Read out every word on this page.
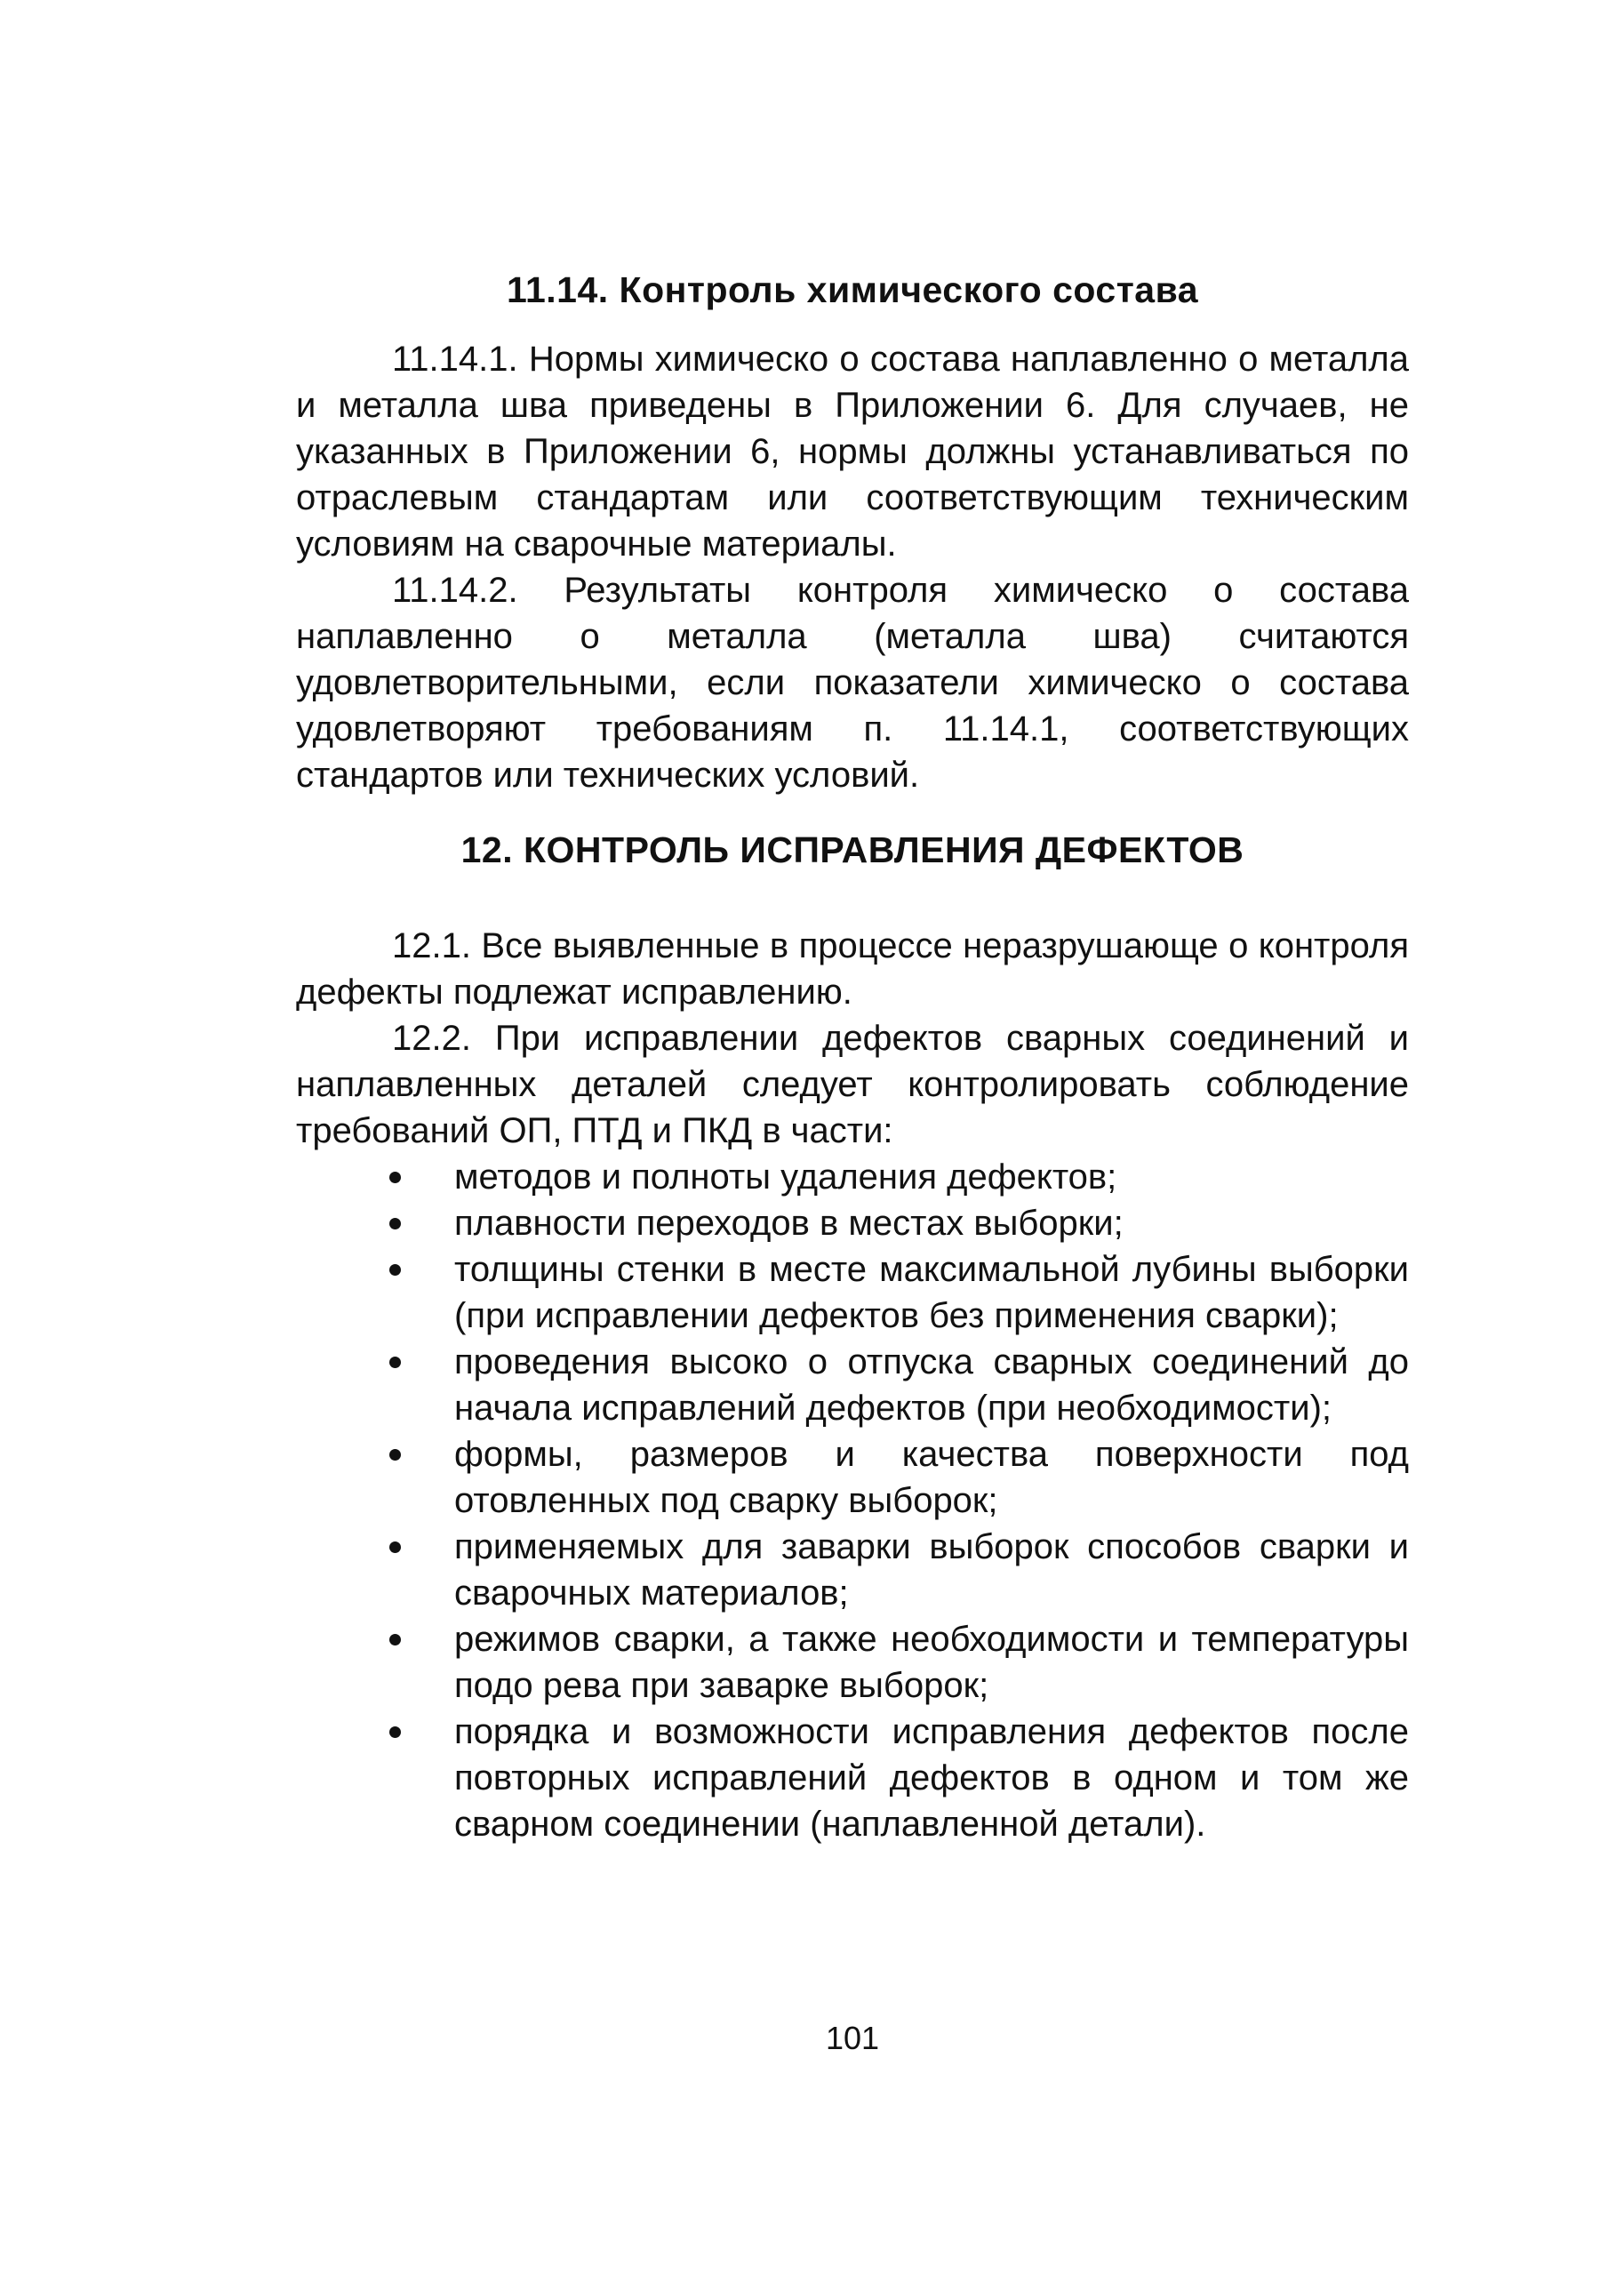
11.14. Контроль химического состава

11.14.1. Нормы химическо о состава наплавленно о металла и металла шва приведены в Приложении 6. Для случаев, не указанных в Приложении 6, нормы должны устанавливаться по отраслевым стандартам или соответствующим техническим условиям на сварочные материалы.

11.14.2. Результаты контроля химическо о состава наплавленно о металла (металла шва) считаются удовлетворительными, если показатели химическо о состава удовлетворяют требованиям п. 11.14.1, соответствующих стандартов или технических условий.

12. КОНТРОЛЬ ИСПРАВЛЕНИЯ ДЕФЕКТОВ

12.1. Все выявленные в процессе неразрушающе о контроля дефекты подлежат исправлению.

12.2. При исправлении дефектов сварных соединений и наплавленных деталей следует контролировать соблюдение требований ОП, ПТД и ПКД в части:

методов и полноты удаления дефектов;
плавности переходов в местах выборки;
толщины стенки в месте максимальной лубины выборки (при исправлении дефектов без применения сварки);
проведения высоко о отпуска сварных соединений до начала исправлений дефектов (при необходимости);
формы, размеров и качества поверхности под отовленных под сварку выборок;
применяемых для заварки выборок способов сварки и сварочных материалов;
режимов сварки, а также необходимости и температуры подо рева при заварке выборок;
порядка и возможности исправления дефектов после повторных исправлений дефектов в одном и том же сварном соединении (наплавленной детали).

101
